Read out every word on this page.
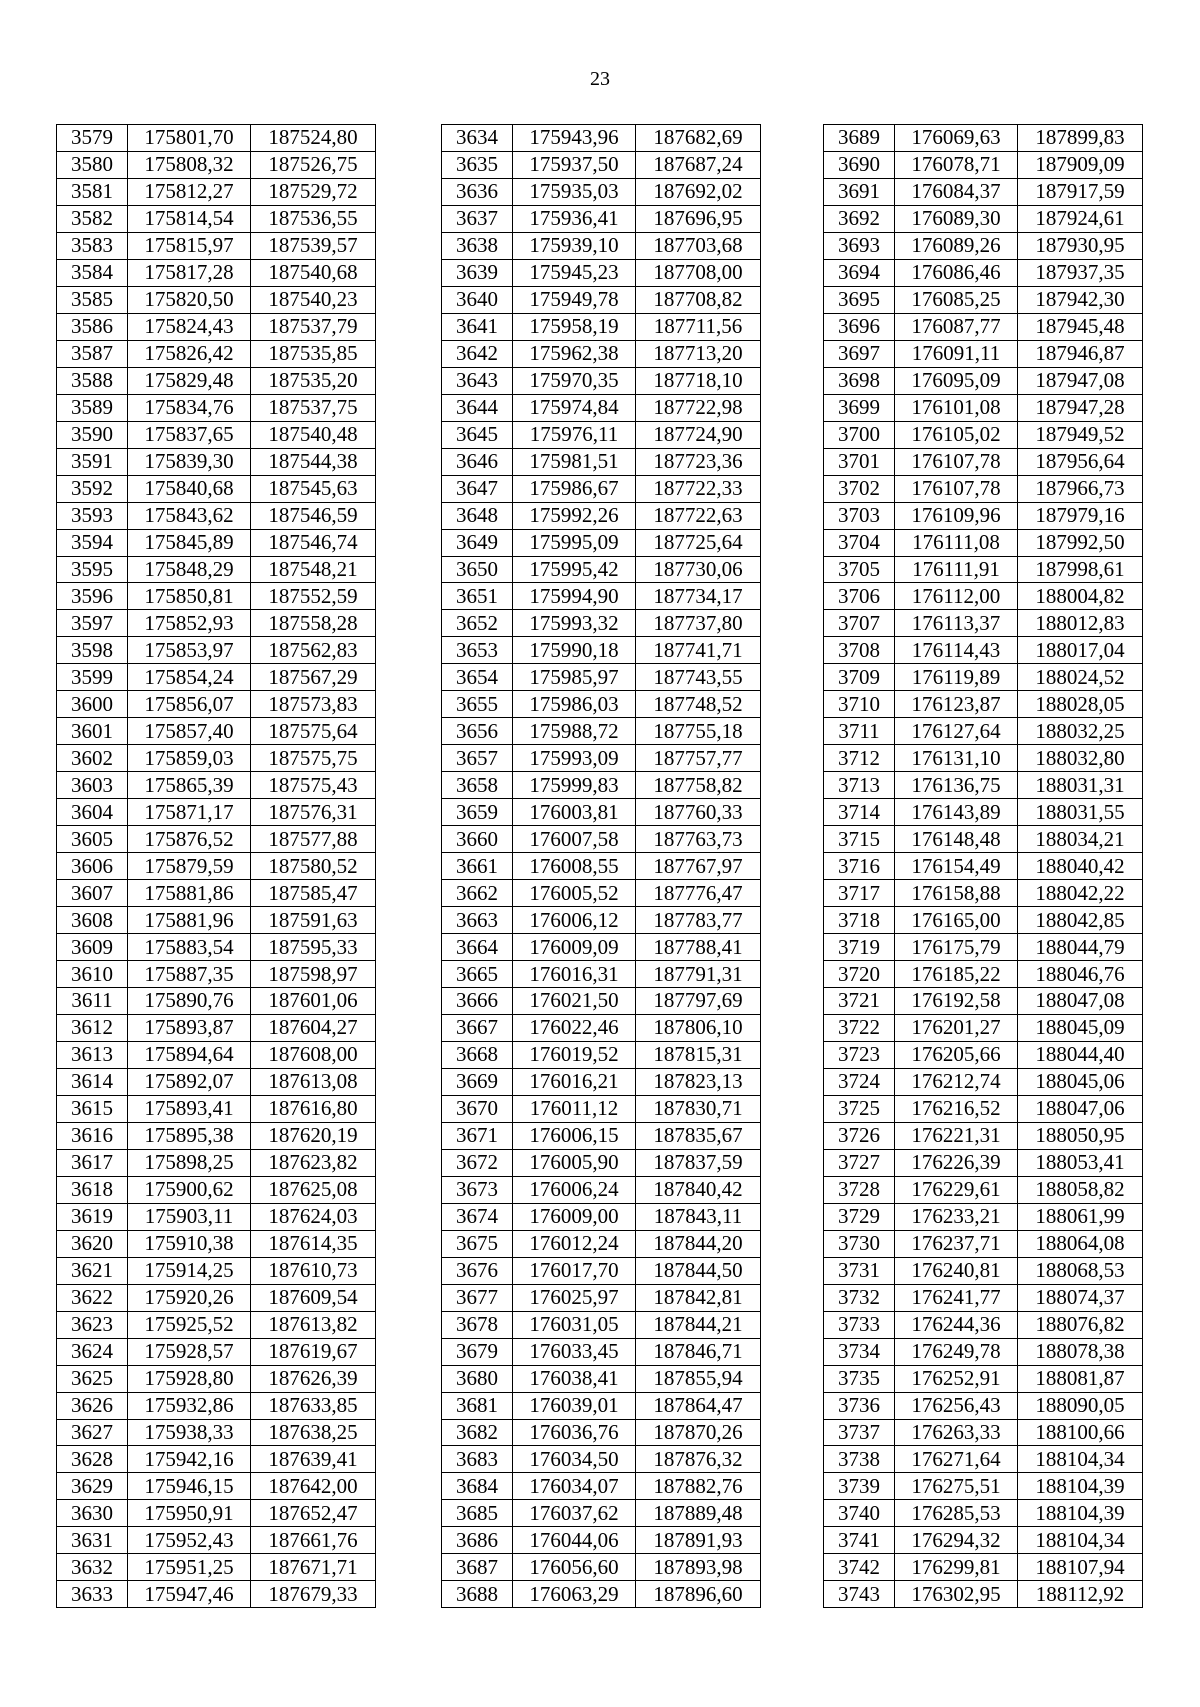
23
3579	175801,70	187524,80
3580	175808,32	187526,75
3581	175812,27	187529,72
3582	175814,54	187536,55
3583	175815,97	187539,57
3584	175817,28	187540,68
3585	175820,50	187540,23
3586	175824,43	187537,79
3587	175826,42	187535,85
3588	175829,48	187535,20
3589	175834,76	187537,75
3590	175837,65	187540,48
3591	175839,30	187544,38
3592	175840,68	187545,63
3593	175843,62	187546,59
3594	175845,89	187546,74
3595	175848,29	187548,21
3596	175850,81	187552,59
3597	175852,93	187558,28
3598	175853,97	187562,83
3599	175854,24	187567,29
3600	175856,07	187573,83
3601	175857,40	187575,64
3602	175859,03	187575,75
3603	175865,39	187575,43
3604	175871,17	187576,31
3605	175876,52	187577,88
3606	175879,59	187580,52
3607	175881,86	187585,47
3608	175881,96	187591,63
3609	175883,54	187595,33
3610	175887,35	187598,97
3611	175890,76	187601,06
3612	175893,87	187604,27
3613	175894,64	187608,00
3614	175892,07	187613,08
3615	175893,41	187616,80
3616	175895,38	187620,19
3617	175898,25	187623,82
3618	175900,62	187625,08
3619	175903,11	187624,03
3620	175910,38	187614,35
3621	175914,25	187610,73
3622	175920,26	187609,54
3623	175925,52	187613,82
3624	175928,57	187619,67
3625	175928,80	187626,39
3626	175932,86	187633,85
3627	175938,33	187638,25
3628	175942,16	187639,41
3629	175946,15	187642,00
3630	175950,91	187652,47
3631	175952,43	187661,76
3632	175951,25	187671,71
3633	175947,46	187679,33
3634	175943,96	187682,69
3635	175937,50	187687,24
3636	175935,03	187692,02
3637	175936,41	187696,95
3638	175939,10	187703,68
3639	175945,23	187708,00
3640	175949,78	187708,82
3641	175958,19	187711,56
3642	175962,38	187713,20
3643	175970,35	187718,10
3644	175974,84	187722,98
3645	175976,11	187724,90
3646	175981,51	187723,36
3647	175986,67	187722,33
3648	175992,26	187722,63
3649	175995,09	187725,64
3650	175995,42	187730,06
3651	175994,90	187734,17
3652	175993,32	187737,80
3653	175990,18	187741,71
3654	175985,97	187743,55
3655	175986,03	187748,52
3656	175988,72	187755,18
3657	175993,09	187757,77
3658	175999,83	187758,82
3659	176003,81	187760,33
3660	176007,58	187763,73
3661	176008,55	187767,97
3662	176005,52	187776,47
3663	176006,12	187783,77
3664	176009,09	187788,41
3665	176016,31	187791,31
3666	176021,50	187797,69
3667	176022,46	187806,10
3668	176019,52	187815,31
3669	176016,21	187823,13
3670	176011,12	187830,71
3671	176006,15	187835,67
3672	176005,90	187837,59
3673	176006,24	187840,42
3674	176009,00	187843,11
3675	176012,24	187844,20
3676	176017,70	187844,50
3677	176025,97	187842,81
3678	176031,05	187844,21
3679	176033,45	187846,71
3680	176038,41	187855,94
3681	176039,01	187864,47
3682	176036,76	187870,26
3683	176034,50	187876,32
3684	176034,07	187882,76
3685	176037,62	187889,48
3686	176044,06	187891,93
3687	176056,60	187893,98
3688	176063,29	187896,60
3689	176069,63	187899,83
3690	176078,71	187909,09
3691	176084,37	187917,59
3692	176089,30	187924,61
3693	176089,26	187930,95
3694	176086,46	187937,35
3695	176085,25	187942,30
3696	176087,77	187945,48
3697	176091,11	187946,87
3698	176095,09	187947,08
3699	176101,08	187947,28
3700	176105,02	187949,52
3701	176107,78	187956,64
3702	176107,78	187966,73
3703	176109,96	187979,16
3704	176111,08	187992,50
3705	176111,91	187998,61
3706	176112,00	188004,82
3707	176113,37	188012,83
3708	176114,43	188017,04
3709	176119,89	188024,52
3710	176123,87	188028,05
3711	176127,64	188032,25
3712	176131,10	188032,80
3713	176136,75	188031,31
3714	176143,89	188031,55
3715	176148,48	188034,21
3716	176154,49	188040,42
3717	176158,88	188042,22
3718	176165,00	188042,85
3719	176175,79	188044,79
3720	176185,22	188046,76
3721	176192,58	188047,08
3722	176201,27	188045,09
3723	176205,66	188044,40
3724	176212,74	188045,06
3725	176216,52	188047,06
3726	176221,31	188050,95
3727	176226,39	188053,41
3728	176229,61	188058,82
3729	176233,21	188061,99
3730	176237,71	188064,08
3731	176240,81	188068,53
3732	176241,77	188074,37
3733	176244,36	188076,82
3734	176249,78	188078,38
3735	176252,91	188081,87
3736	176256,43	188090,05
3737	176263,33	188100,66
3738	176271,64	188104,34
3739	176275,51	188104,39
3740	176285,53	188104,39
3741	176294,32	188104,34
3742	176299,81	188107,94
3743	176302,95	188112,92
